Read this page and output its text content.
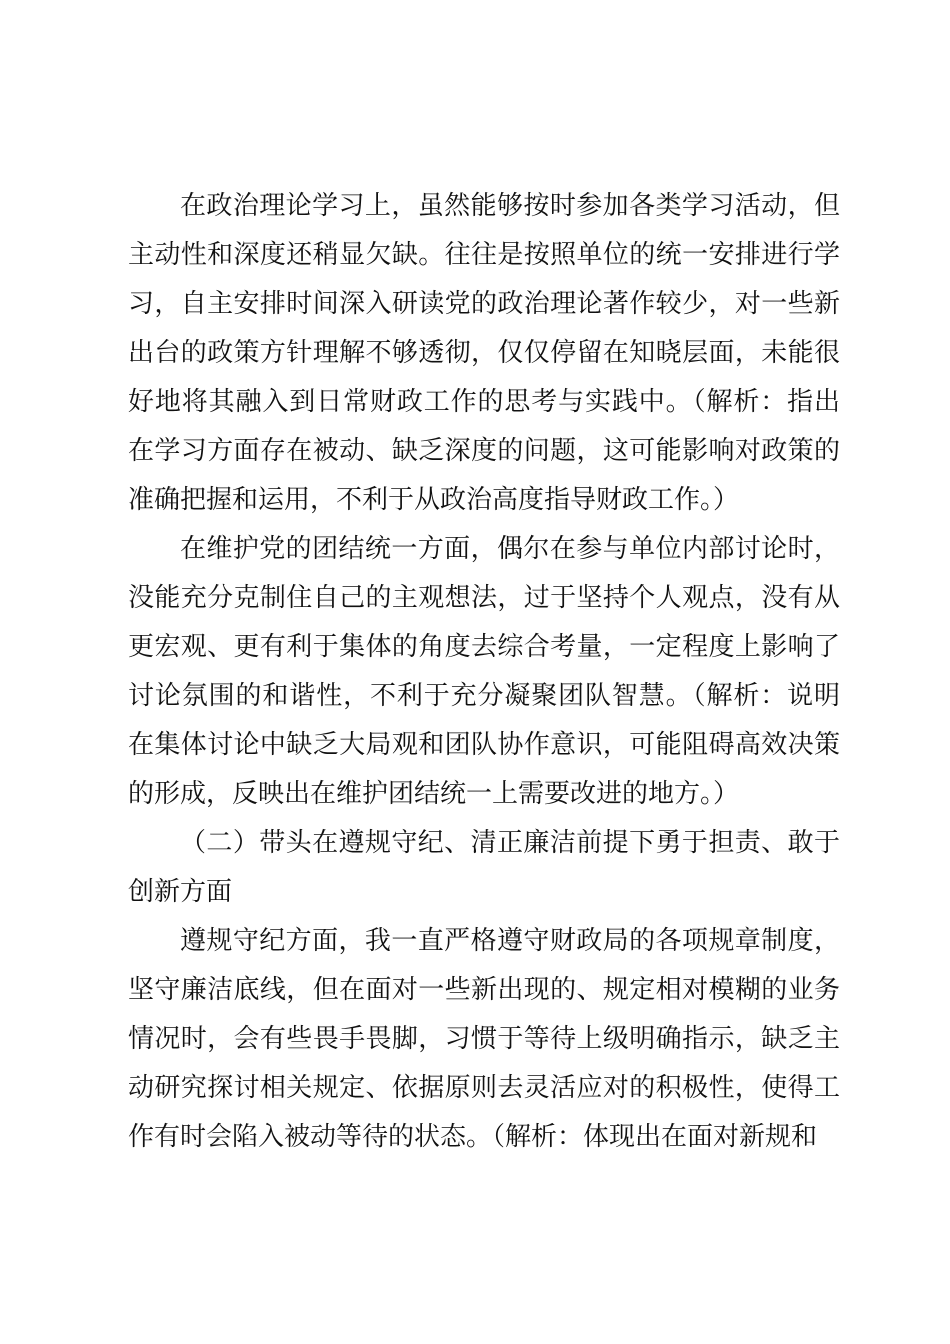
在政治理论学习上，虽然能够按时参加各类学习活动，但主动性和深度还稍显欠缺。往往是按照单位的统一安排进行学习，自主安排时间深入研读党的政治理论著作较少，对一些新出台的政策方针理解不够透彻，仅仅停留在知晓层面，未能很好地将其融入到日常财政工作的思考与实践中。（解析：指出在学习方面存在被动、缺乏深度的问题，这可能影响对政策的准确把握和运用，不利于从政治高度指导财政工作。）

在维护党的团结统一方面，偶尔在参与单位内部讨论时，没能充分克制住自己的主观想法，过于坚持个人观点，没有从更宏观、更有利于集体的角度去综合考量，一定程度上影响了讨论氛围的和谐性，不利于充分凝聚团队智慧。（解析：说明在集体讨论中缺乏大局观和团队协作意识，可能阻碍高效决策的形成，反映出在维护团结统一上需要改进的地方。）

（二）带头在遵规守纪、清正廉洁前提下勇于担责、敢于创新方面

遵规守纪方面，我一直严格遵守财政局的各项规章制度，坚守廉洁底线，但在面对一些新出现的、规定相对模糊的业务情况时，会有些畏手畏脚，习惯于等待上级明确指示，缺乏主动研究探讨相关规定、依据原则去灵活应对的积极性，使得工作有时会陷入被动等待的状态。（解析：体现出在面对新规和
